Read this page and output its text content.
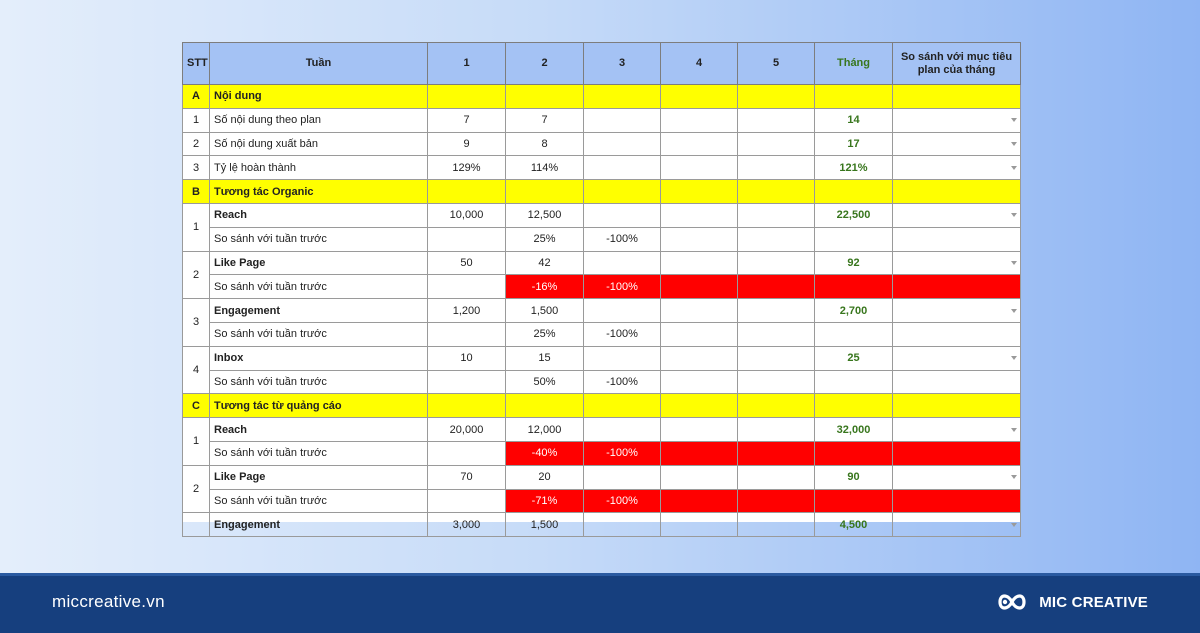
STT	Tuần	1	2	3	4	5	Tháng	So sánh với mục tiêu plan của tháng
A	Nội dung							
1	Số nội dung theo plan	7	7				14	

2	Số nội dung xuất bản	9	8				17	

3	Tỷ lệ hoàn thành	129%	114%				121%	

B	Tương tác Organic							
1	Reach	10,000	12,500				22,500	

	So sánh với tuần trước		25%	-100%				
2	Like Page	50	42				92	

	So sánh với tuần trước		-16%	-100%				
3	Engagement	1,200	1,500				2,700	

	So sánh với tuần trước		25%	-100%				
4	Inbox	10	15				25	

	So sánh với tuần trước		50%	-100%				
C	Tương tác từ quảng cáo							
1	Reach	20,000	12,000				32,000	

	So sánh với tuần trước		-40%	-100%				
2	Like Page	70	20				90	

	So sánh với tuần trước		-71%	-100%				
	Engagement	3,000	1,500				4,500	
miccreative.vn	MIC CREATIVE
